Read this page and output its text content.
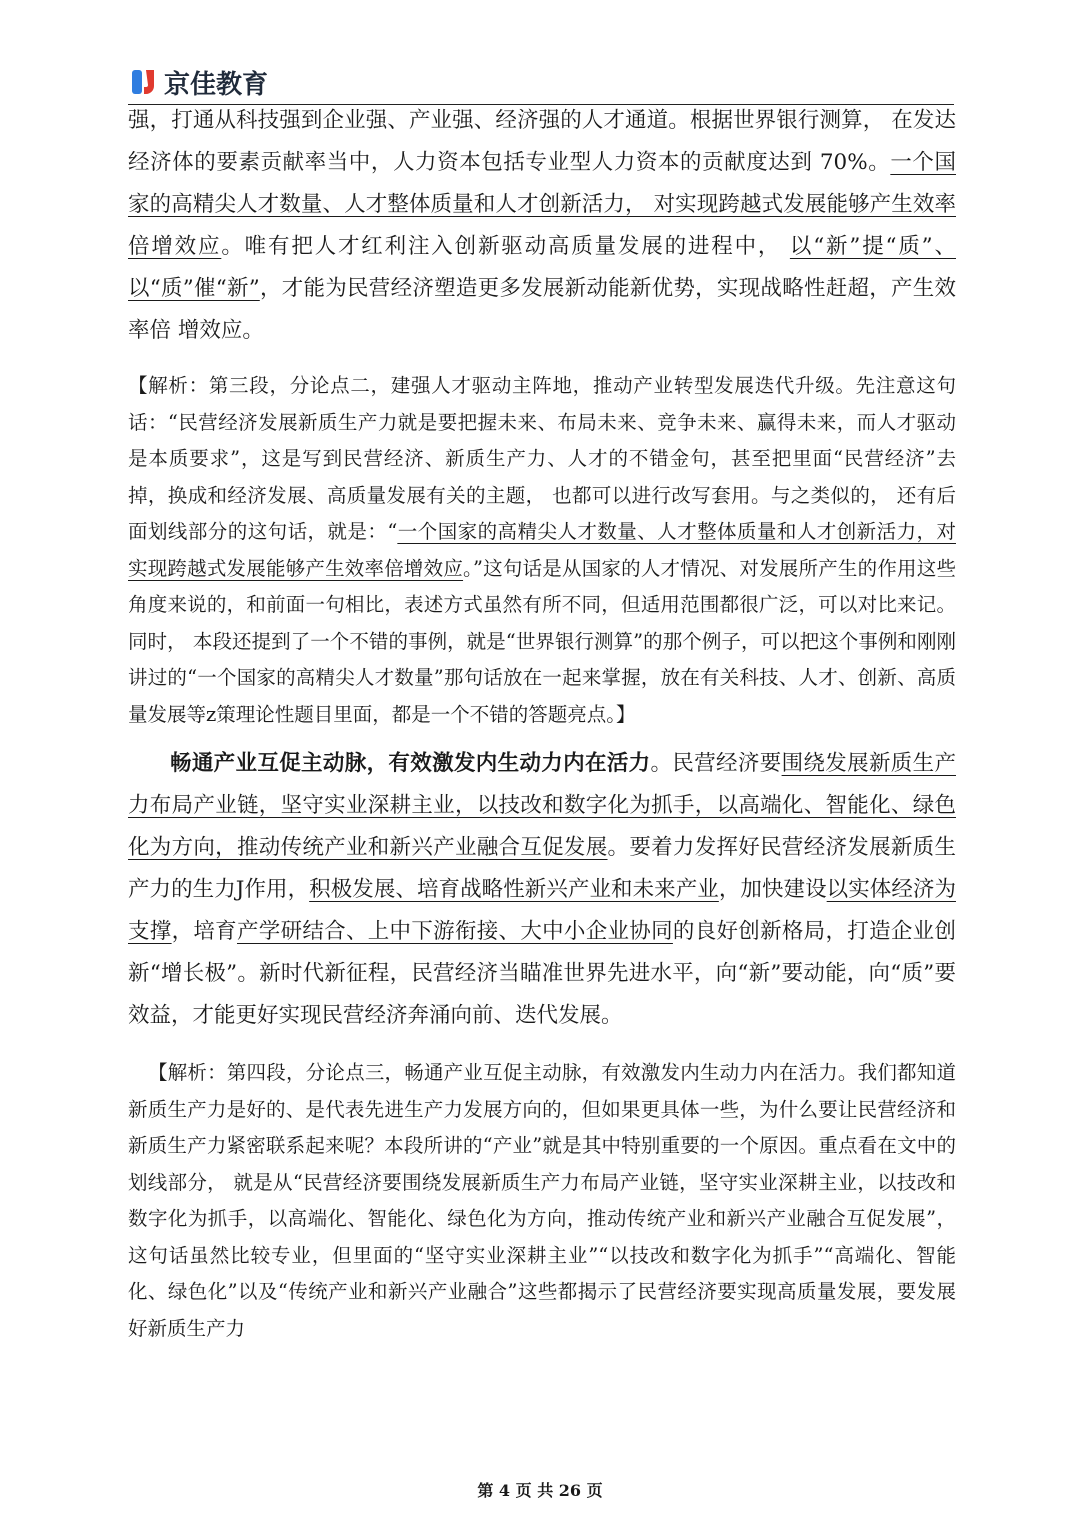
京佳教育

强，打通从科技强到企业强、产业强、经济强的人才通道。根据世界银行测算， 在发达经济体的要素贡献率当中，人力资本包括专业型人力资本的贡献度达到 70%。一个国家的高精尖人才数量、人才整体质量和人才创新活力， 对实现跨越式发展能够产生效率倍增效应。唯有把人才红利注入创新驱动高质量发展的进程中， 以“新”提“质”、以“质”催“新”，才能为民营经济塑造更多发展新动能新优势，实现战略性赶超，产生效率倍 增效应。

【解析：第三段，分论点二，建强人才驱动主阵地，推动产业转型发展迭代升级。先注意这句话：“民营经济发展新质生产力就是要把握未来、布局未来、竞争未来、赢得未来，而人才驱动是本质要求”，这是写到民营经济、新质生产力、人才的不错金句，甚至把里面“民营经济”去掉，换成和经济发展、高质量发展有关的主题， 也都可以进行改写套用。与之类似的， 还有后面划线部分的这句话，就是：“一个国家的高精尖人才数量、人才整体质量和人才创新活力，对实现跨越式发展能够产生效率倍增效应。”这句话是从国家的人才情况、对发展所产生的作用这些角度来说的，和前面一句相比，表述方式虽然有所不同，但适用范围都很广泛，可以对比来记。同时， 本段还提到了一个不错的事例，就是“世界银行测算”的那个例子，可以把这个事例和刚刚讲过的“一个国家的高精尖人才数量”那句话放在一起来掌握，放在有关科技、人才、创新、高质量发展等z策理论性题目里面，都是一个不错的答题亮点。】

畅通产业互促主动脉，有效激发内生动力内在活力。民营经济要围绕发展新质生产力布局产业链，坚守实业深耕主业，以技改和数字化为抓手，以高端化、智能化、绿色化为方向，推动传统产业和新兴产业融合互促发展。要着力发挥好民营经济发展新质生产力的生力J作用，积极发展、培育战略性新兴产业和未来产业，加快建设以实体经济为支撑，培育产学研结合、上中下游衔接、大中小企业协同的良好创新格局，打造企业创新“增长极”。新时代新征程，民营经济当瞄准世界先进水平，向“新”要动能，向“质”要效益，才能更好实现民营经济奔涌向前、迭代发展。

【解析：第四段，分论点三，畅通产业互促主动脉，有效激发内生动力内在活力。我们都知道新质生产力是好的、是代表先进生产力发展方向的，但如果更具体一些，为什么要让民营经济和新质生产力紧密联系起来呢？本段所讲的“产业”就是其中特别重要的一个原因。重点看在文中的划线部分， 就是从“民营经济要围绕发展新质生产力布局产业链，坚守实业深耕主业，以技改和数字化为抓手，以高端化、智能化、绿色化为方向，推动传统产业和新兴产业融合互促发展”，这句话虽然比较专业，但里面的“坚守实业深耕主业”“以技改和数字化为抓手”“高端化、智能化、绿色化”以及“传统产业和新兴产业融合”这些都揭示了民营经济要实现高质量发展，要发展好新质生产力

第 4 页 共 26 页
